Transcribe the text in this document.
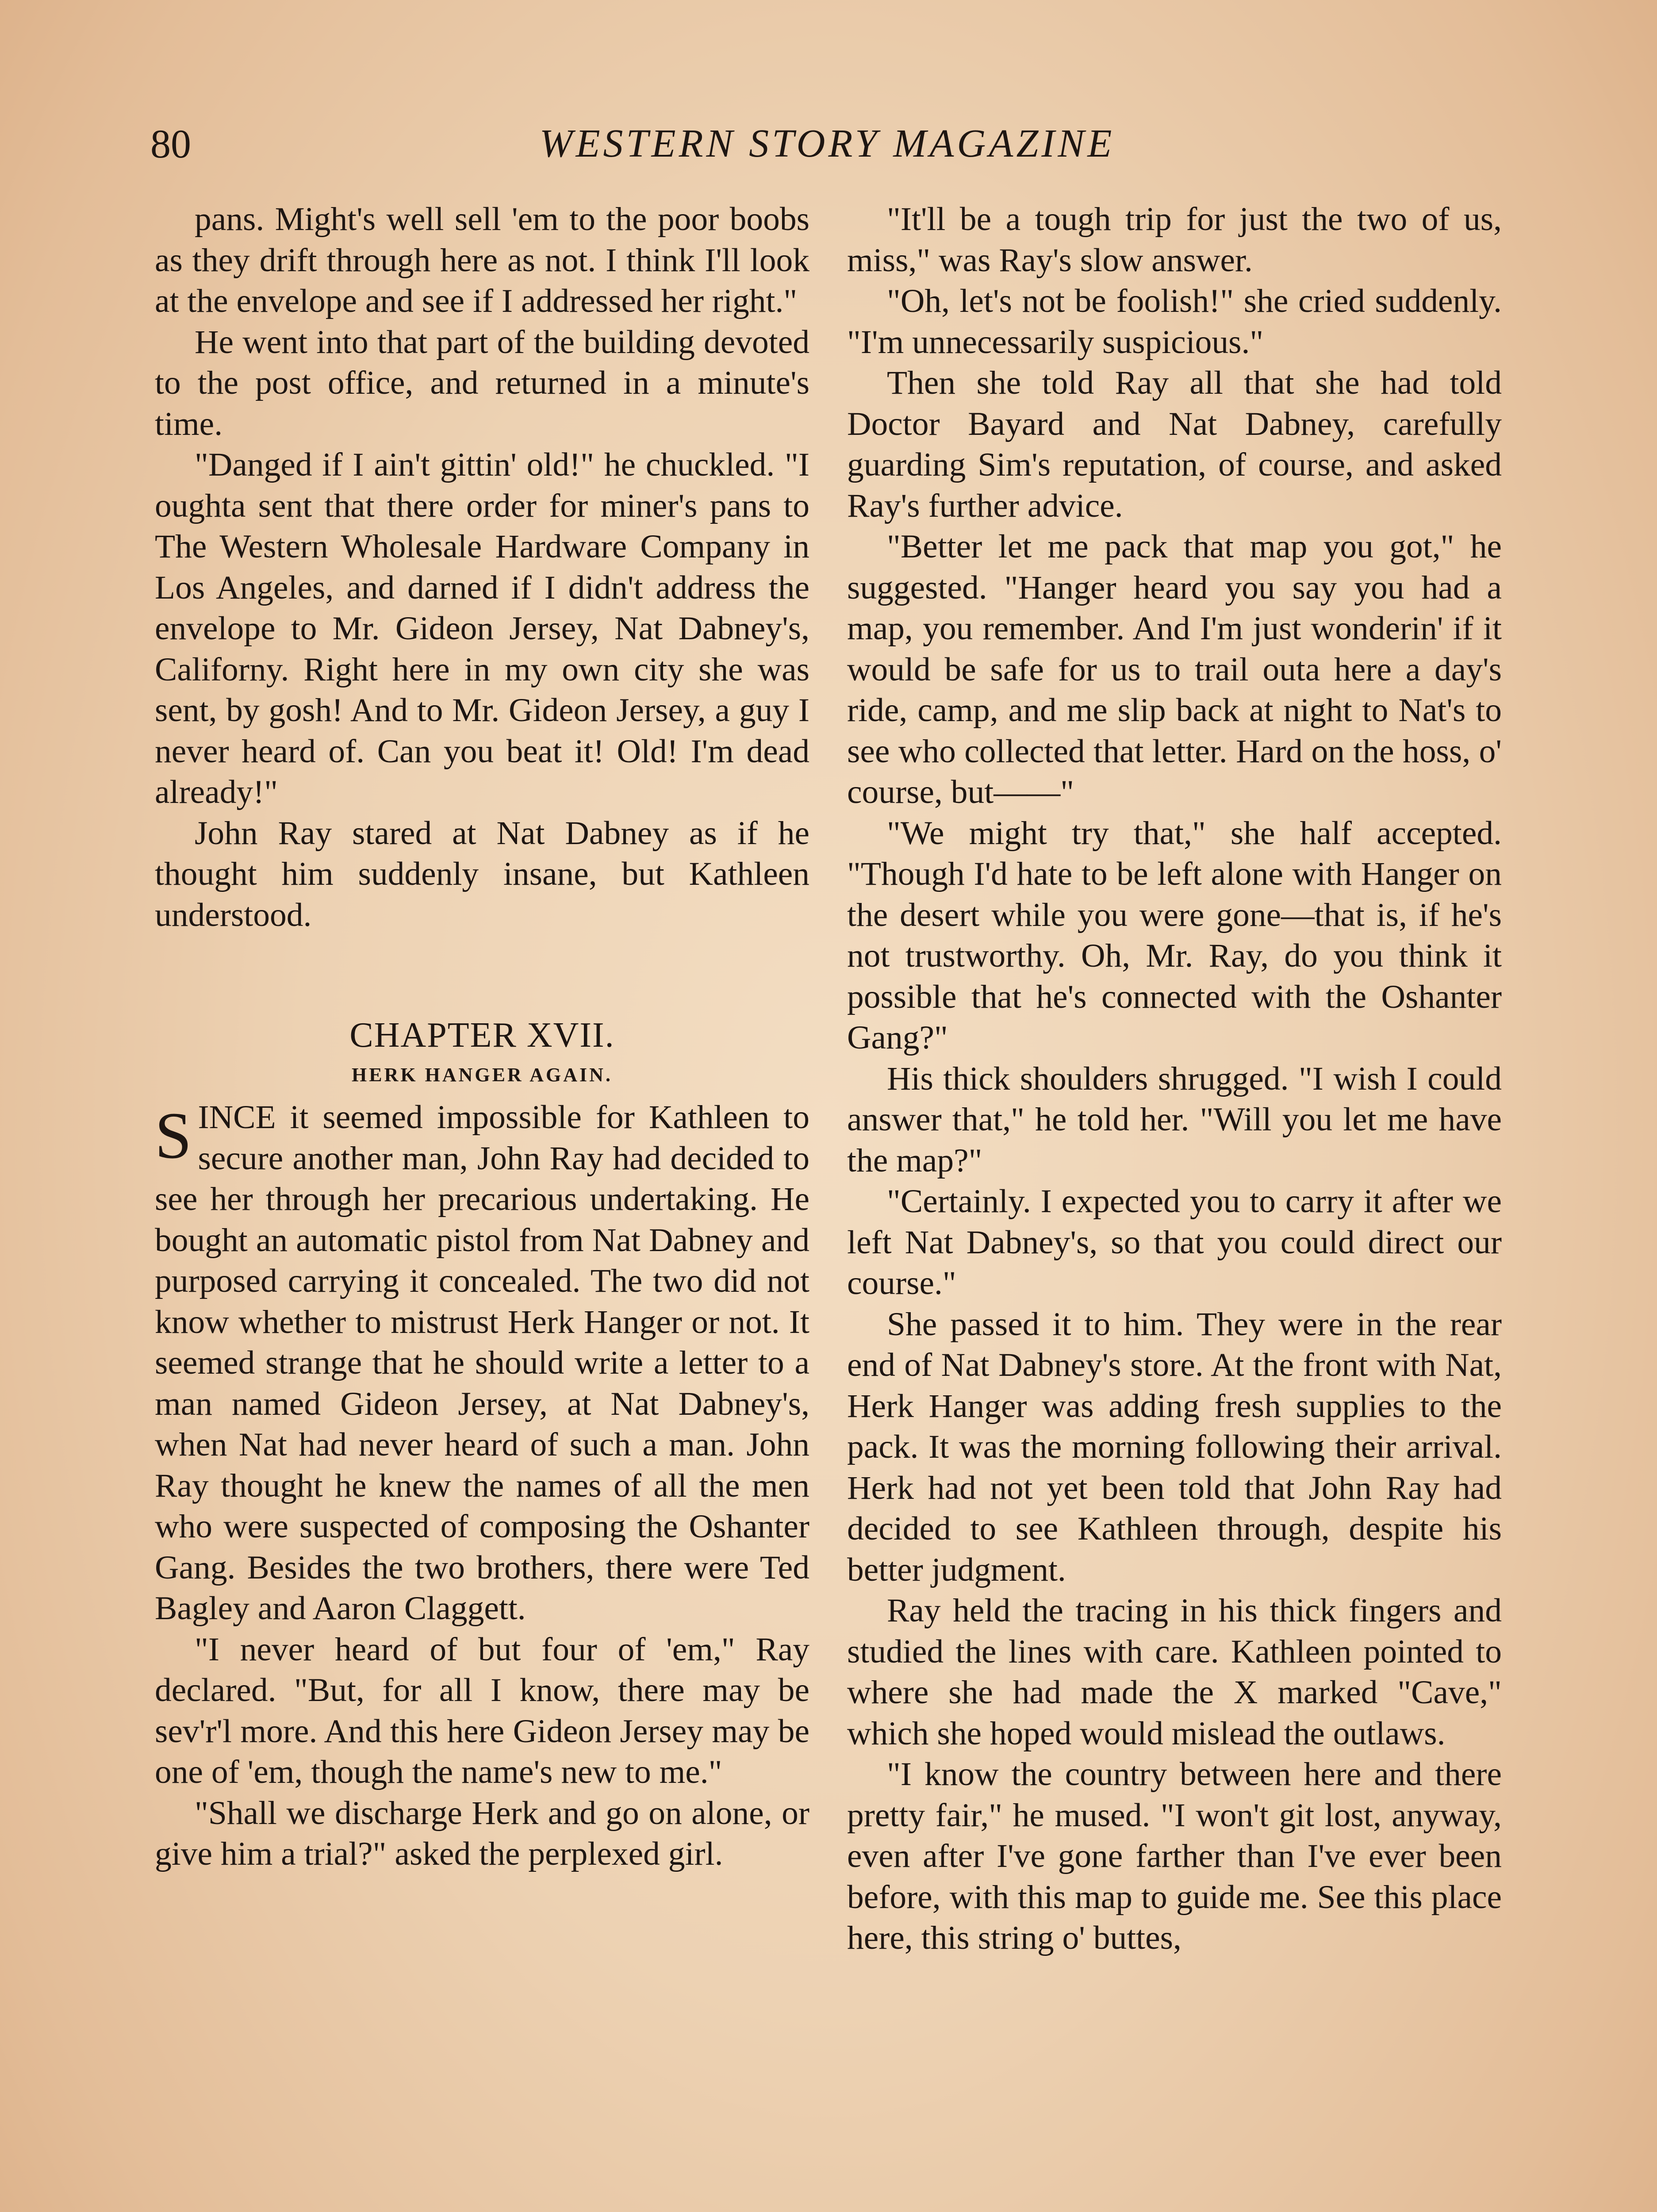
80	WESTERN STORY MAGAZINE

pans. Might's well sell 'em to the poor boobs as they drift through here as not. I think I'll look at the envelope and see if I addressed her right."

He went into that part of the building devoted to the post office, and returned in a minute's time.

"Danged if I ain't gittin' old!" he chuckled. "I oughta sent that there order for miner's pans to The Western Wholesale Hardware Company in Los Angeles, and darned if I didn't address the envelope to Mr. Gideon Jersey, Nat Dabney's, Californy. Right here in my own city she was sent, by gosh! And to Mr. Gideon Jersey, a guy I never heard of. Can you beat it! Old! I'm dead already!"

John Ray stared at Nat Dabney as if he thought him suddenly insane, but Kathleen understood.

CHAPTER XVII.
HERK HANGER AGAIN.

SINCE it seemed impossible for Kathleen to secure another man, John Ray had decided to see her through her precarious undertaking. He bought an automatic pistol from Nat Dabney and purposed carrying it concealed. The two did not know whether to mistrust Herk Hanger or not. It seemed strange that he should write a letter to a man named Gideon Jersey, at Nat Dabney's, when Nat had never heard of such a man. John Ray thought he knew the names of all the men who were suspected of composing the Oshanter Gang. Besides the two brothers, there were Ted Bagley and Aaron Claggett.

"I never heard of but four of 'em," Ray declared. "But, for all I know, there may be sev'r'l more. And this here Gideon Jersey may be one of 'em, though the name's new to me."

"Shall we discharge Herk and go on alone, or give him a trial?" asked the perplexed girl.

"It'll be a tough trip for just the two of us, miss," was Ray's slow answer.

"Oh, let's not be foolish!" she cried suddenly. "I'm unnecessarily suspicious."

Then she told Ray all that she had told Doctor Bayard and Nat Dabney, carefully guarding Sim's reputation, of course, and asked Ray's further advice.

"Better let me pack that map you got," he suggested. "Hanger heard you say you had a map, you remember. And I'm just wonderin' if it would be safe for us to trail outa here a day's ride, camp, and me slip back at night to Nat's to see who collected that letter. Hard on the hoss, o' course, but——"

"We might try that," she half accepted. "Though I'd hate to be left alone with Hanger on the desert while you were gone—that is, if he's not trustworthy. Oh, Mr. Ray, do you think it possible that he's connected with the Oshanter Gang?"

His thick shoulders shrugged. "I wish I could answer that," he told her. "Will you let me have the map?"

"Certainly. I expected you to carry it after we left Nat Dabney's, so that you could direct our course."

She passed it to him. They were in the rear end of Nat Dabney's store. At the front with Nat, Herk Hanger was adding fresh supplies to the pack. It was the morning following their arrival. Herk had not yet been told that John Ray had decided to see Kathleen through, despite his better judgment.

Ray held the tracing in his thick fingers and studied the lines with care. Kathleen pointed to where she had made the X marked "Cave," which she hoped would mislead the outlaws.

"I know the country between here and there pretty fair," he mused. "I won't git lost, anyway, even after I've gone farther than I've ever been before, with this map to guide me. See this place here, this string o' buttes,
